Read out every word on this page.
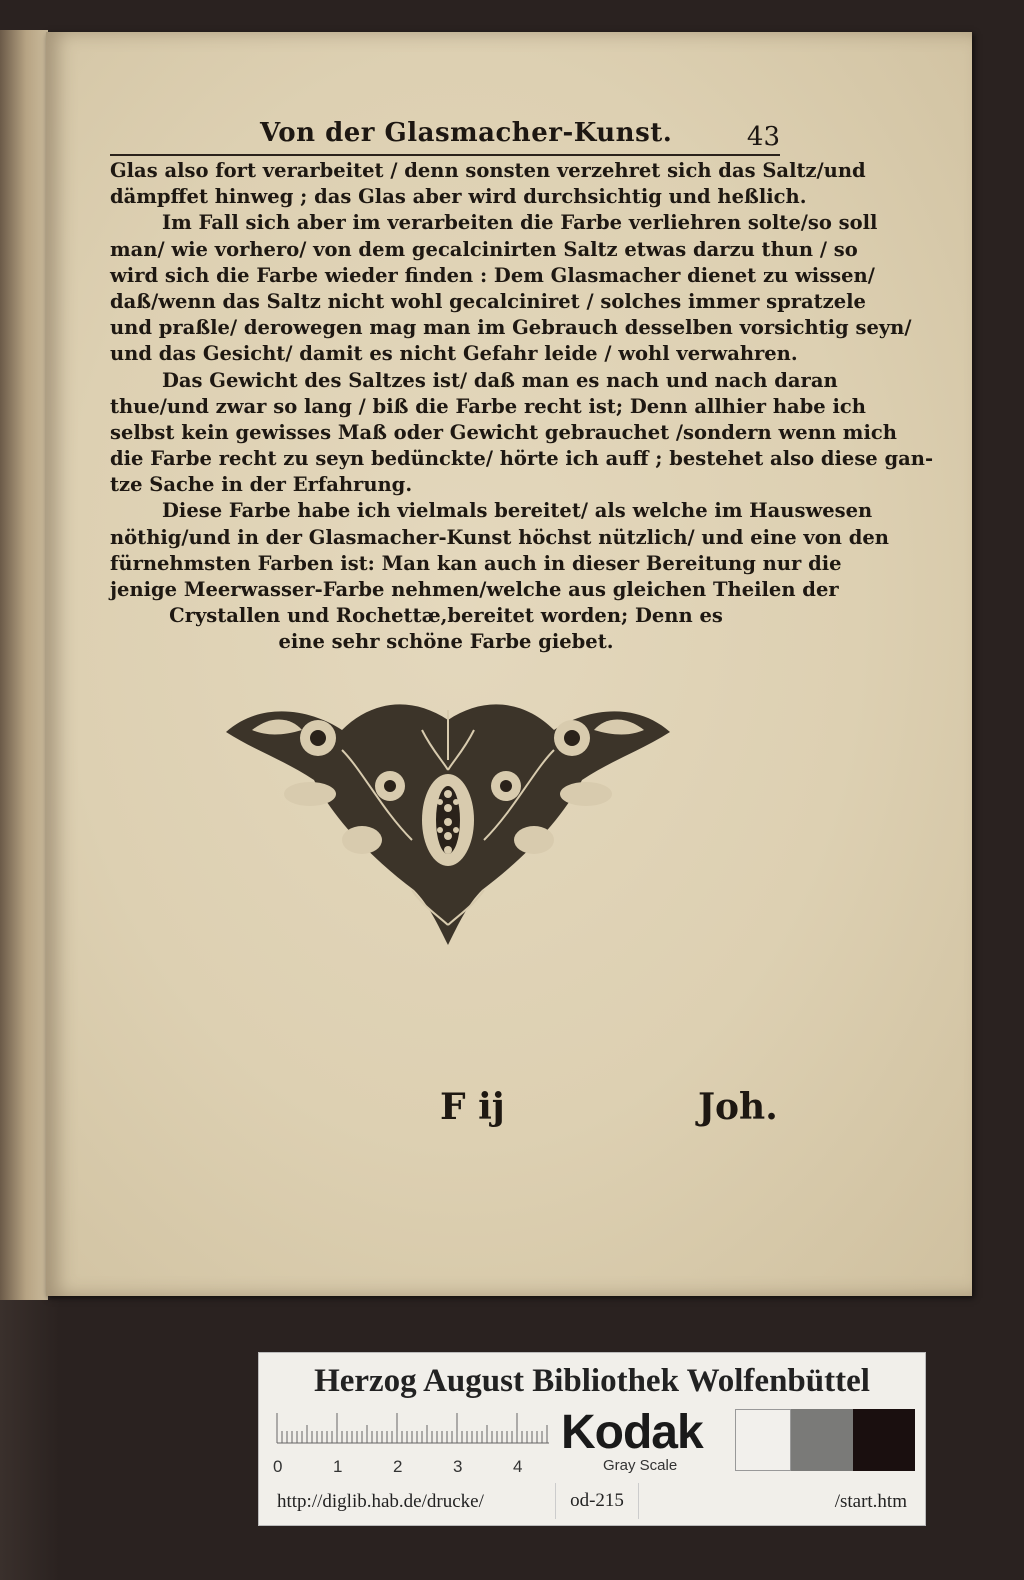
Von der Glasmacher-Kunst.	43
Glas also fort verarbeitet / denn sonsten verzehret sich das Saltz/und
dämpffet hinweg ; das Glas aber wird durchsichtig und heßlich.
Im Fall sich aber im verarbeiten die Farbe verliehren solte/so soll
man/ wie vorhero/ von dem gecalcinirten Saltz etwas darzu thun / so
wird sich die Farbe wieder finden : Dem Glasmacher dienet zu wissen/
daß/wenn das Saltz nicht wohl gecalciniret / solches immer spratzele
und praßle/ derowegen mag man im Gebrauch desselben vorsichtig seyn/
und das Gesicht/ damit es nicht Gefahr leide / wohl verwahren.
Das Gewicht des Saltzes ist/ daß man es nach und nach daran
thue/und zwar so lang / biß die Farbe recht ist; Denn allhier habe ich
selbst kein gewisses Maß oder Gewicht gebrauchet /sondern wenn mich
die Farbe recht zu seyn bedünckte/ hörte ich auff ; bestehet also diese gan-
tze Sache in der Erfahrung.
Diese Farbe habe ich vielmals bereitet/ als welche im Hauswesen
nöthig/und in der Glasmacher-Kunst höchst nützlich/ und eine von den
fürnehmsten Farben ist: Man kan auch in dieser Bereitung nur die
jenige Meerwasser-Farbe nehmen/welche aus gleichen Theilen der
Crystallen und Rochettæ,bereitet worden; Denn es
eine sehr schöne Farbe giebet.
F ij	Joh.
Herzog August Bibliothek Wolfenbüttel
0	1	2	3	4
Kodak
Gray Scale
http://diglib.hab.de/drucke/	od-215	/start.htm
